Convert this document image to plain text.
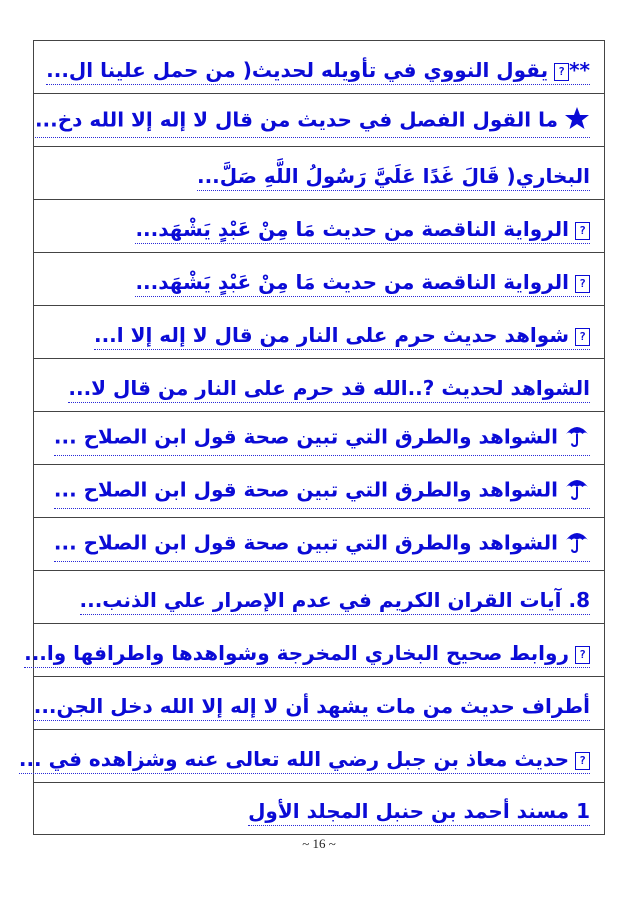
**?يقول النووي في تأويله لحديث( من حمل علينا ال...
ما القول الفصل في حديث من قال لا إله إلا الله دخ...
البخاري( قَالَ غَدًا عَلَيَّ رَسُولُ اللَّهِ صَلَّ...
?الرواية الناقصة من حديث مَا مِنْ عَبْدٍ يَشْهَد...
?الرواية الناقصة من حديث مَا مِنْ عَبْدٍ يَشْهَد...
?شواهد حديث حرم على النار من قال لا إله إلا ا...
الشواهد لحديث ?..الله قد حرم على النار من قال لا...
الشواهد والطرق التي تبين صحة قول ابن الصلاح ...
الشواهد والطرق التي تبين صحة قول ابن الصلاح ...
الشواهد والطرق التي تبين صحة قول ابن الصلاح ...
8. آيات القران الكريم في عدم الإصرار علي الذنب...
?روابط صحيح البخاري المخرجة وشواهدها واطرافها وا...
أطراف حديث من مات يشهد أن لا إله إلا الله دخل الجن...
?حديث معاذ بن جبل رضي الله تعالى عنه وشزاهده في ...
1 مسند أحمد بن حنبل المجلد الأول
~ 16 ~
